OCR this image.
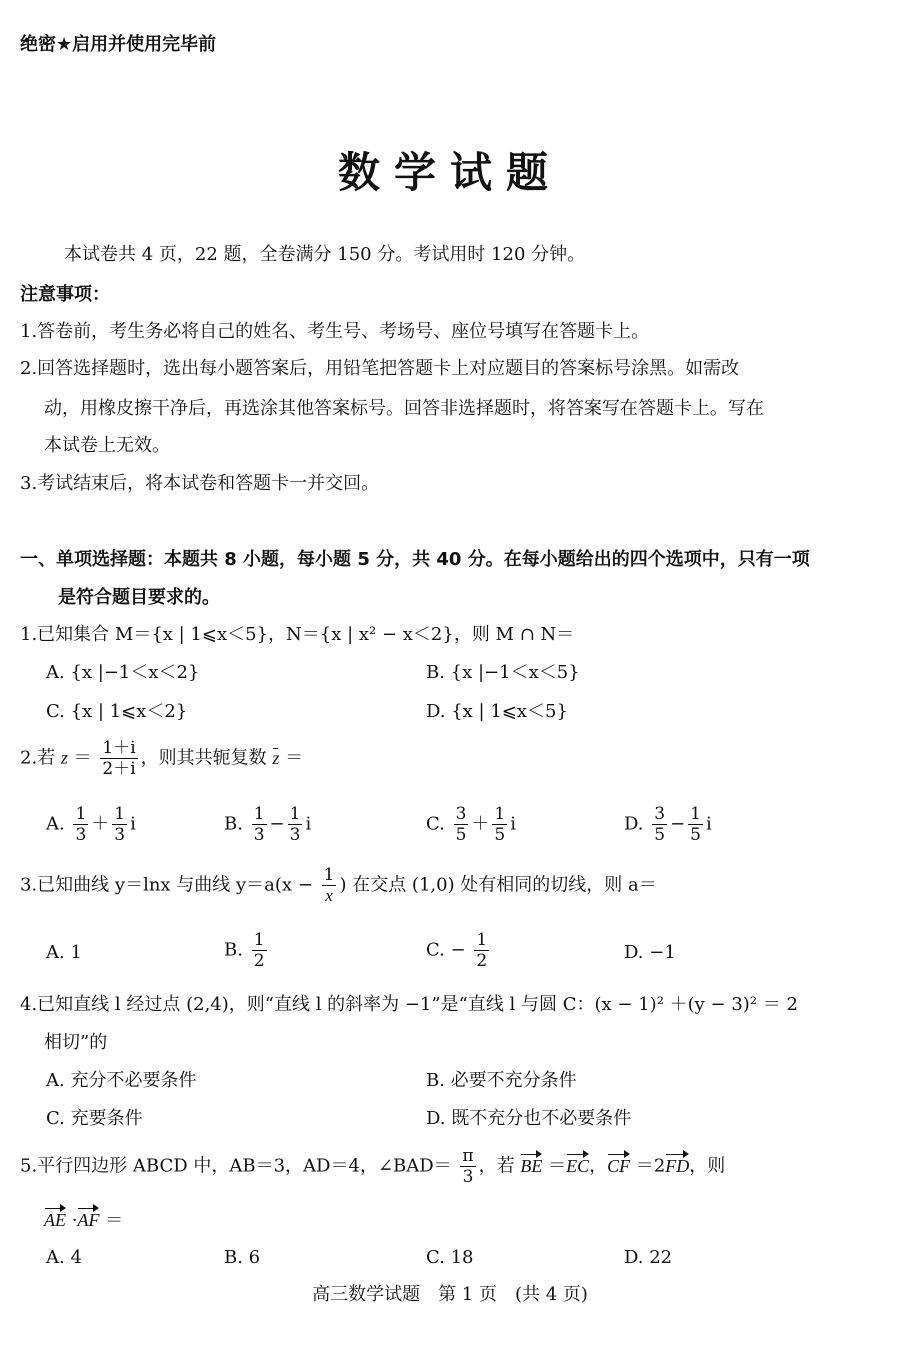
绝密★启用并使用完毕前
数学试题
本试卷共 4 页，22 题，全卷满分 150 分。考试用时 120 分钟。
注意事项：
1.答卷前，考生务必将自己的姓名、考生号、考场号、座位号填写在答题卡上。
2.回答选择题时，选出每小题答案后，用铅笔把答题卡上对应题目的答案标号涂黑。如需改
动，用橡皮擦干净后，再选涂其他答案标号。回答非选择题时，将答案写在答题卡上。写在
本试卷上无效。
3.考试结束后，将本试卷和答题卡一并交回。
一、单项选择题：本题共 8 小题，每小题 5 分，共 40 分。在每小题给出的四个选项中，只有一项
是符合题目要求的。
1.已知集合 M＝{x | 1⩽x＜5}，N＝{x | x² − x＜2}，则 M ∩ N＝
A. {x |−1＜x＜2}	B. {x |−1＜x＜5}
C. {x | 1⩽x＜2}	D. {x | 1⩽x＜5}
2.若 $z = \frac{1+i}{2+i}$ ，则其共轭复数 z ＝
A. $\frac{1}{3} + \frac{1}{3}$ i	B. $\frac{1}{3} - \frac{1}{3}$ i	C. $\frac{3}{5} + \frac{1}{5}$ i	D. $\frac{3}{5} - \frac{1}{5}$ i
3.已知曲线 y＝lnx 与曲线 $y=a(x - \frac{1}{x}$ ) 在交点 (1,0) 处有相同的切线，则 a＝
A. 1	B. $\frac{1}{2}$	C. − $\frac{1}{2}$	D. −1
4.已知直线 l 经过点 (2,4)，则“直线 l 的斜率为 −1”是“直线 l 与圆 C：(x − 1)² ＋(y − 3)² ＝ 2
相切”的
A. 充分不必要条件	B. 必要不充分条件
C. 充要条件	D. 既不充分也不必要条件
5.平行四边形 ABCD 中，AB＝3，AD＝4，∠BAD＝ $\frac{\pi}{3}$ ，若 BE ＝EC，CF ＝2FD，则
AE ·AF ＝
A. 4	B. 6	C. 18	D. 22
高三数学试题　第 1 页　(共 4 页)
